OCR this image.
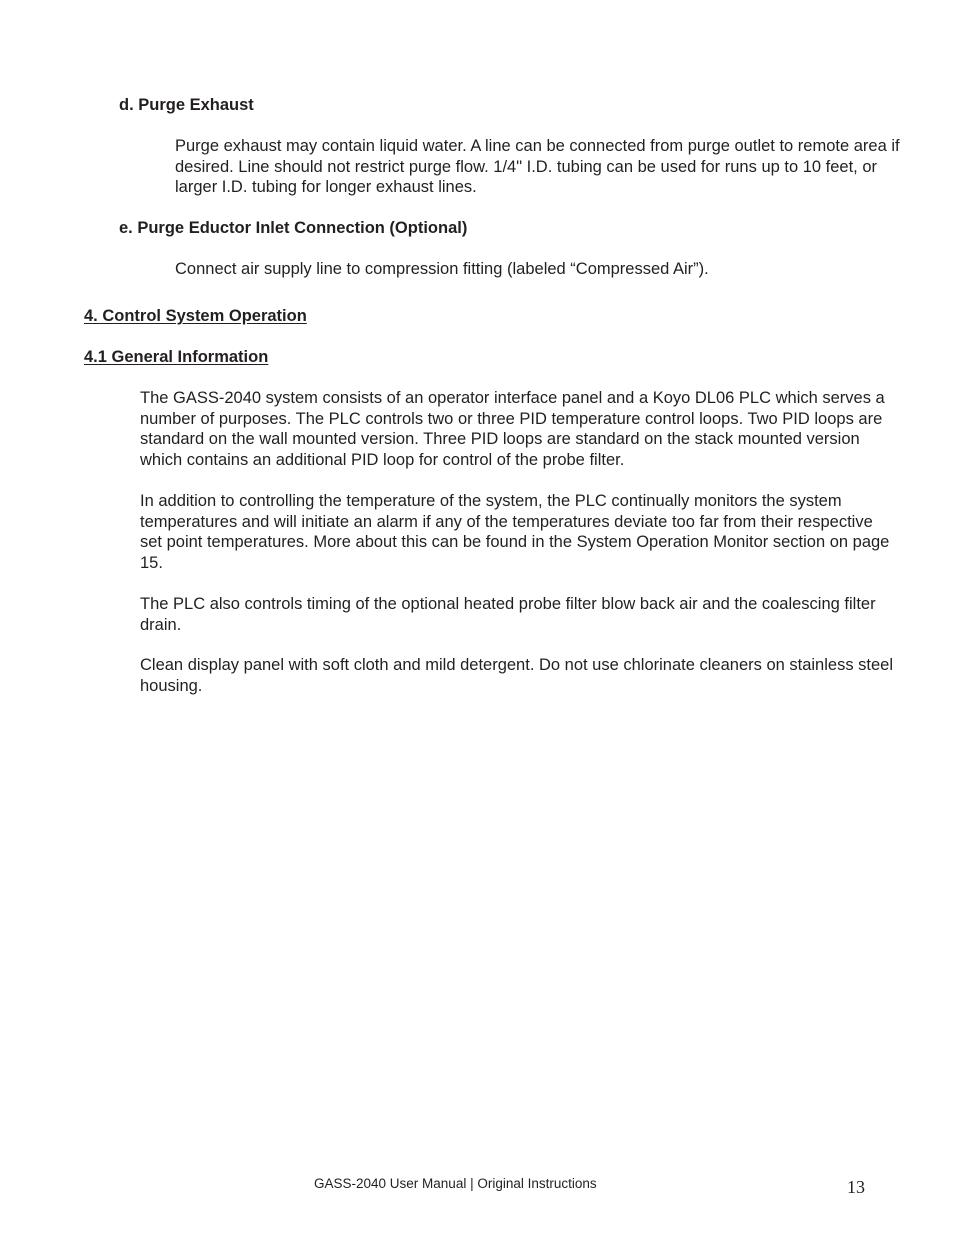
d. Purge Exhaust

Purge exhaust may contain liquid water. A line can be connected from purge outlet to remote area if desired. Line should not restrict purge flow. 1/4" I.D. tubing can be used for runs up to 10 feet, or larger I.D. tubing for longer exhaust lines.

e. Purge Eductor Inlet Connection (Optional)

Connect air supply line to compression fitting (labeled “Compressed Air”).

4. Control System Operation
4.1 General Information

The GASS-2040 system consists of an operator interface panel and a Koyo DL06 PLC which serves a number of purposes. The PLC controls two or three PID temperature control loops. Two PID loops are standard on the wall mounted version. Three PID loops are standard on the stack mounted version which contains an additional PID loop for control of the probe filter.

In addition to controlling the temperature of the system, the PLC continually monitors the system temperatures and will initiate an alarm if any of the temperatures deviate too far from their respective set point temperatures. More about this can be found in the System Operation Monitor section on page 15.

The PLC also controls timing of the optional heated probe filter blow back air and the coalescing filter drain.

Clean display panel with soft cloth and mild detergent. Do not use chlorinate cleaners on stainless steel housing.

GASS-2040 User Manual | Original Instructions	13
